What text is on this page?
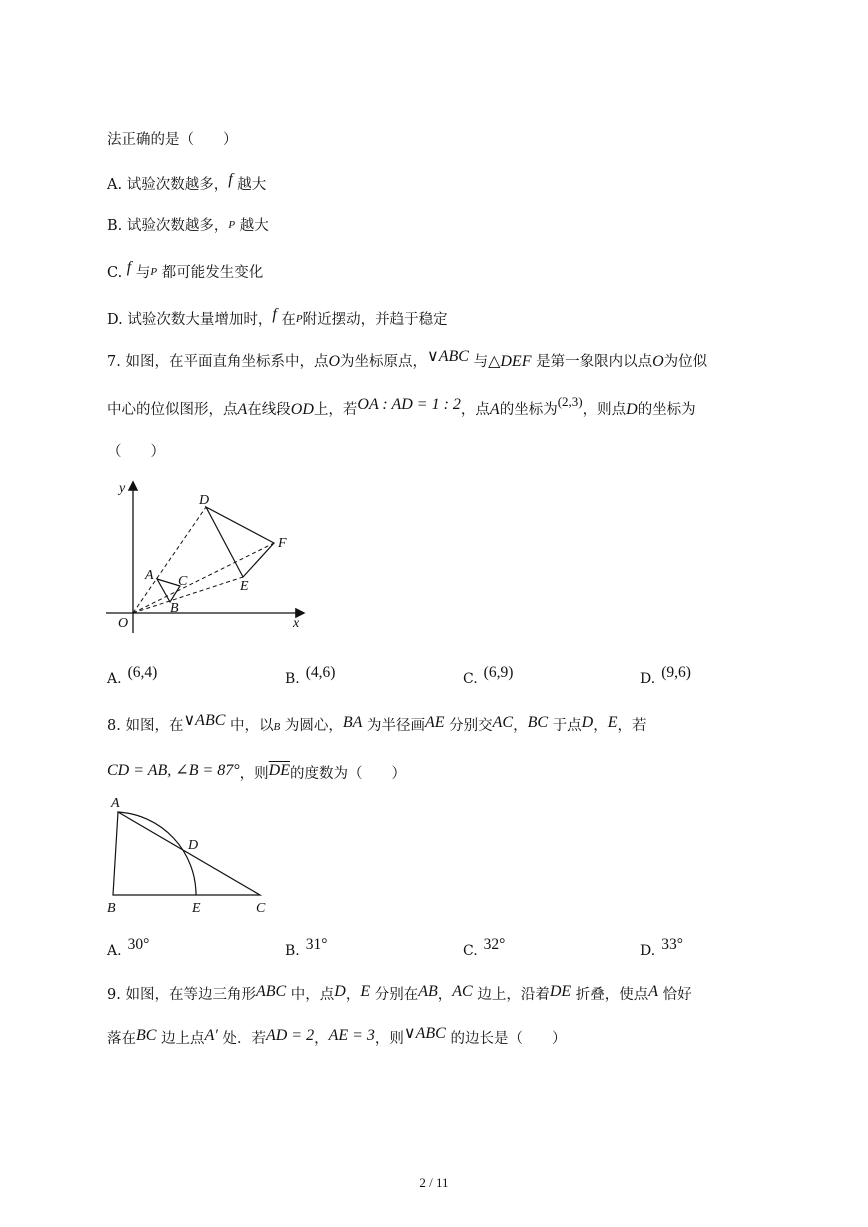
法正确的是（　　）
A. 试验次数越多，f 越大
B. 试验次数越多，P 越大
C. f 与P 都可能发生变化
D. 试验次数大量增加时，f 在P附近摆动，并趋于稳定
7. 如图，在平面直角坐标系中，点O为坐标原点，∨ABC 与△DEF 是第一象限内以点O为位似
中心的位似图形，点A在线段OD上，若OA : AD = 1 : 2，点A的坐标为(2,3)，则点D的坐标为
（　　）
y
x
O
D
F
E
A C
B
A. (6,4)	B. (4,6)	C. (6,9)	D. (9,6)
8. 如图，在∨ABC 中，以B 为圆心，BA 为半径画AE 分别交AC，BC 于点D，E，若
CD = AB, ∠B = 87°，则$\overline{DE}$的度数为（　　）
A
D
B	E	C
A. 30°	B. 31°	C. 32°	D. 33°
9. 如图，在等边三角形ABC 中，点D，E 分别在AB，AC 边上，沿着DE 折叠，使点A 恰好
落在BC 边上点A′ 处．若AD = 2，AE = 3，则∨ABC 的边长是（　　）
2 / 11
